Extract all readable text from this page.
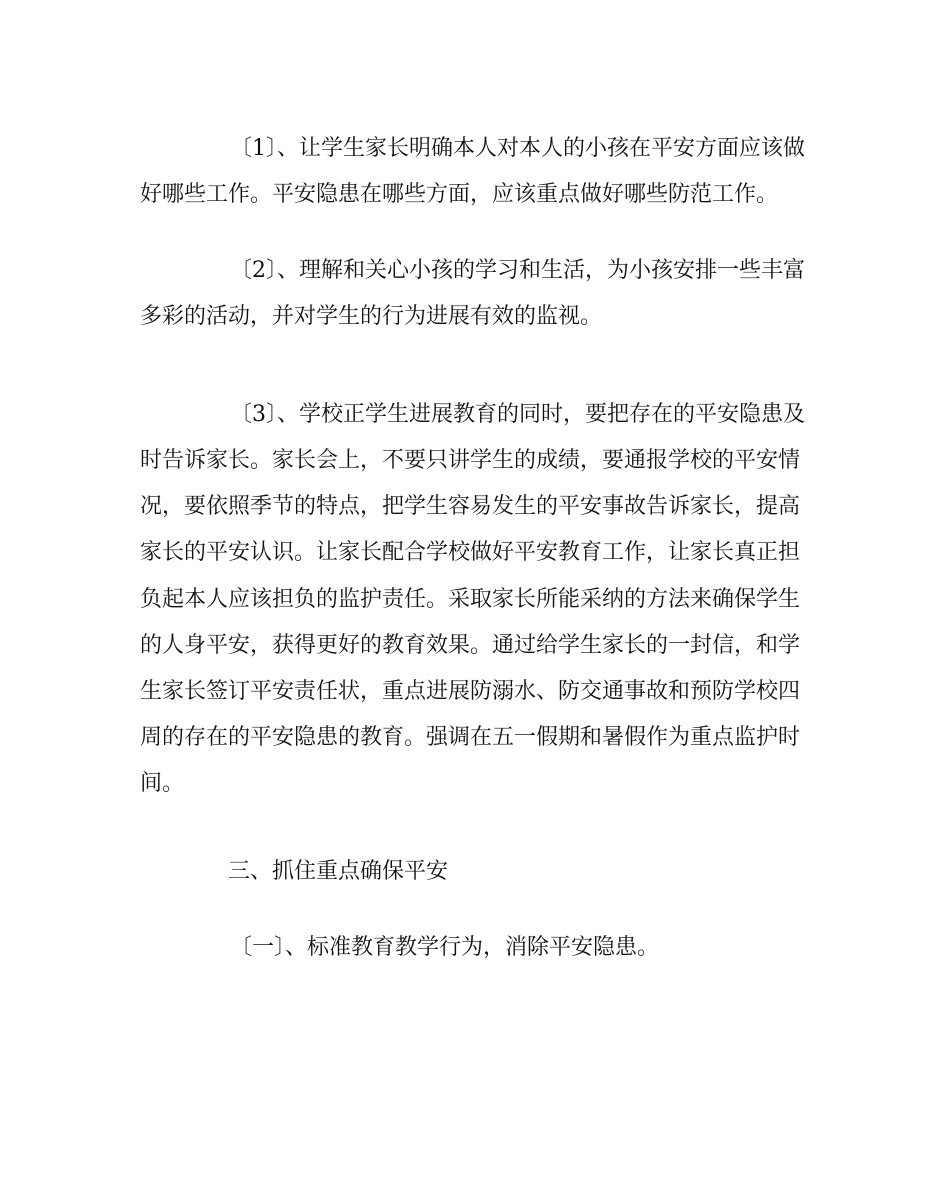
〔1〕、让学生家长明确本人对本人的小孩在平安方面应该做
好哪些工作。平安隐患在哪些方面，应该重点做好哪些防范工作。
〔2〕、理解和关心小孩的学习和生活，为小孩安排一些丰富
多彩的活动，并对学生的行为进展有效的监视。
〔3〕、学校正学生进展教育的同时，要把存在的平安隐患及
时告诉家长。家长会上，不要只讲学生的成绩，要通报学校的平安情
况，要依照季节的特点，把学生容易发生的平安事故告诉家长，提高
家长的平安认识。让家长配合学校做好平安教育工作，让家长真正担
负起本人应该担负的监护责任。采取家长所能采纳的方法来确保学生
的人身平安，获得更好的教育效果。通过给学生家长的一封信，和学
生家长签订平安责任状，重点进展防溺水、防交通事故和预防学校四
周的存在的平安隐患的教育。强调在五一假期和暑假作为重点监护时
间。
三、抓住重点确保平安
〔一〕、标准教育教学行为，消除平安隐患。
